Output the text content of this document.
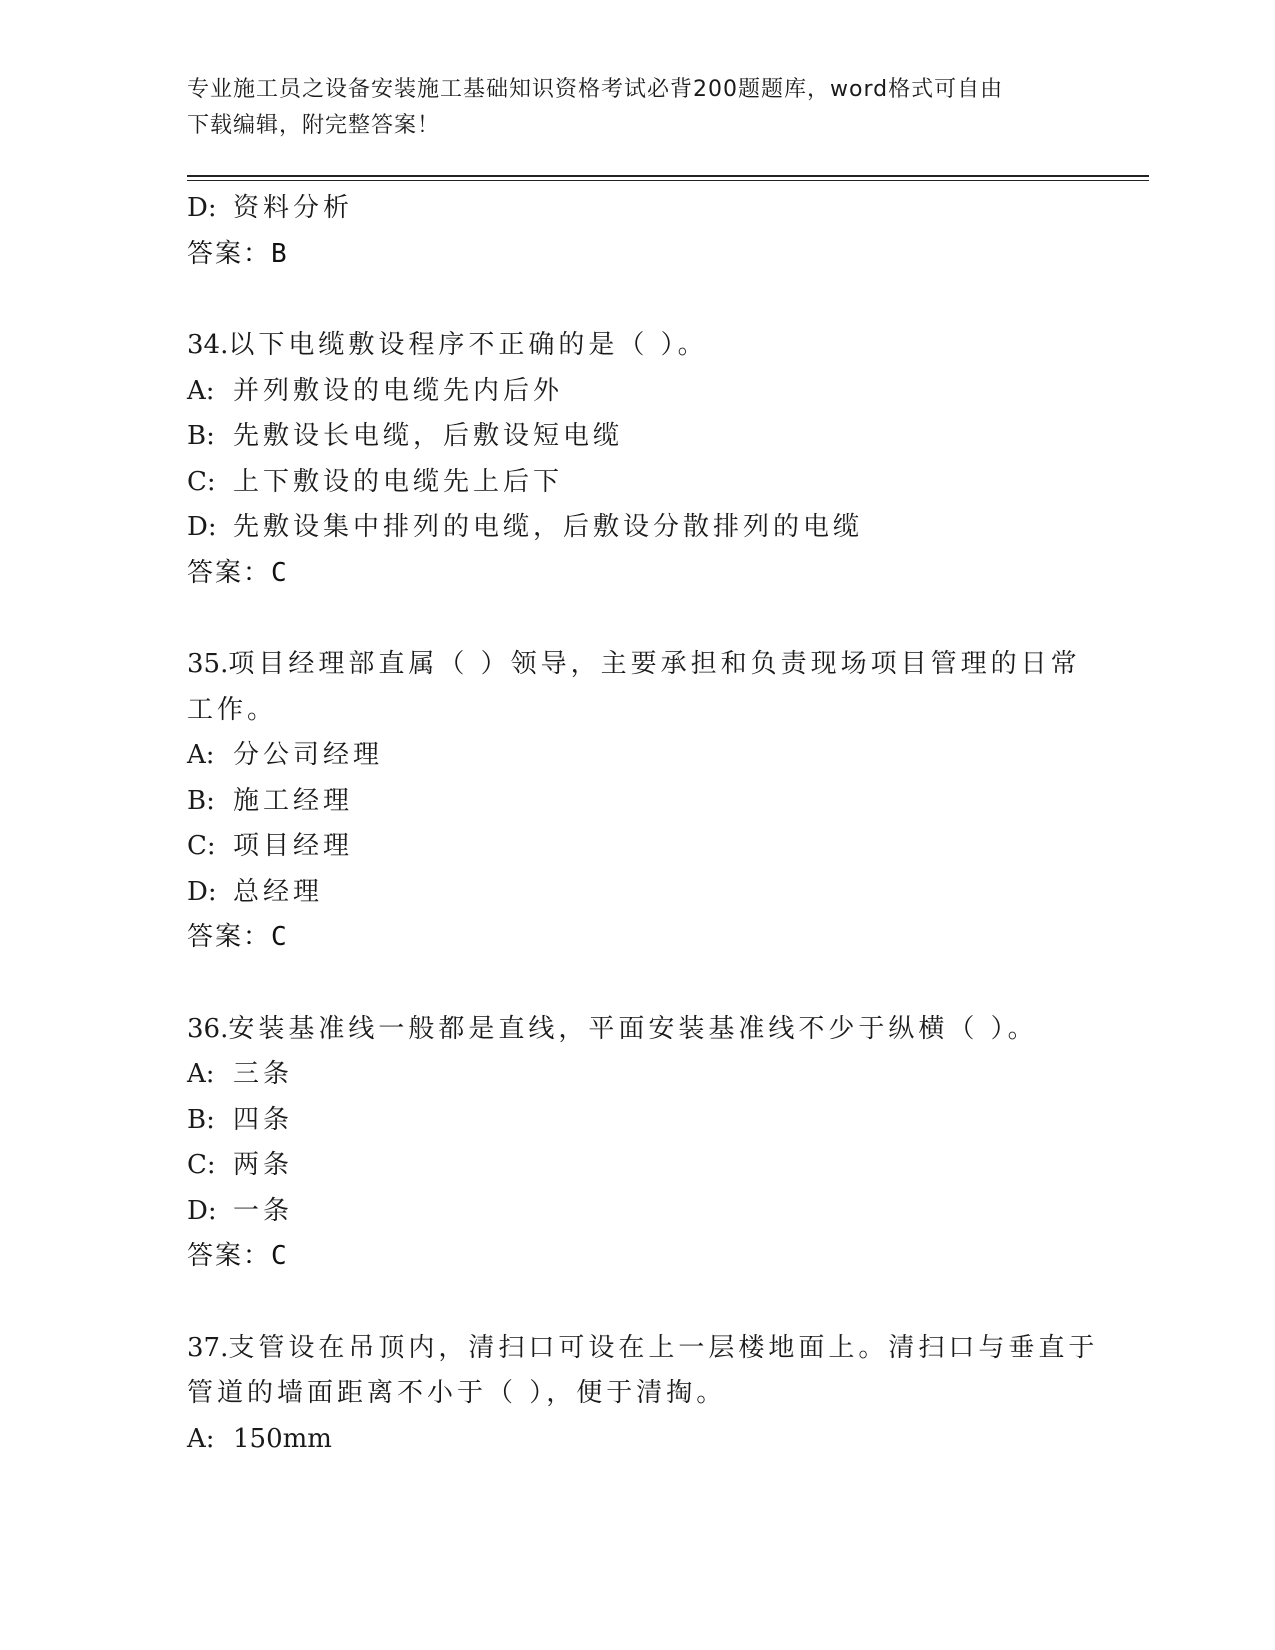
专业施工员之设备安装施工基础知识资格考试必背200题题库，word格式可自由
下载编辑，附完整答案！
D: 资料分析
答案：B
34.以下电缆敷设程序不正确的是（ ）。
A: 并列敷设的电缆先内后外
B: 先敷设长电缆，后敷设短电缆
C: 上下敷设的电缆先上后下
D: 先敷设集中排列的电缆，后敷设分散排列的电缆
答案：C
35.项目经理部直属（ ）领导，主要承担和负责现场项目管理的日常
工作。
A: 分公司经理
B: 施工经理
C: 项目经理
D: 总经理
答案：C
36.安装基准线一般都是直线，平面安装基准线不少于纵横（ ）。
A: 三条
B: 四条
C: 两条
D: 一条
答案：C
37.支管设在吊顶内，清扫口可设在上一层楼地面上。清扫口与垂直于
管道的墙面距离不小于（ ），便于清掏。
A: 150mm
